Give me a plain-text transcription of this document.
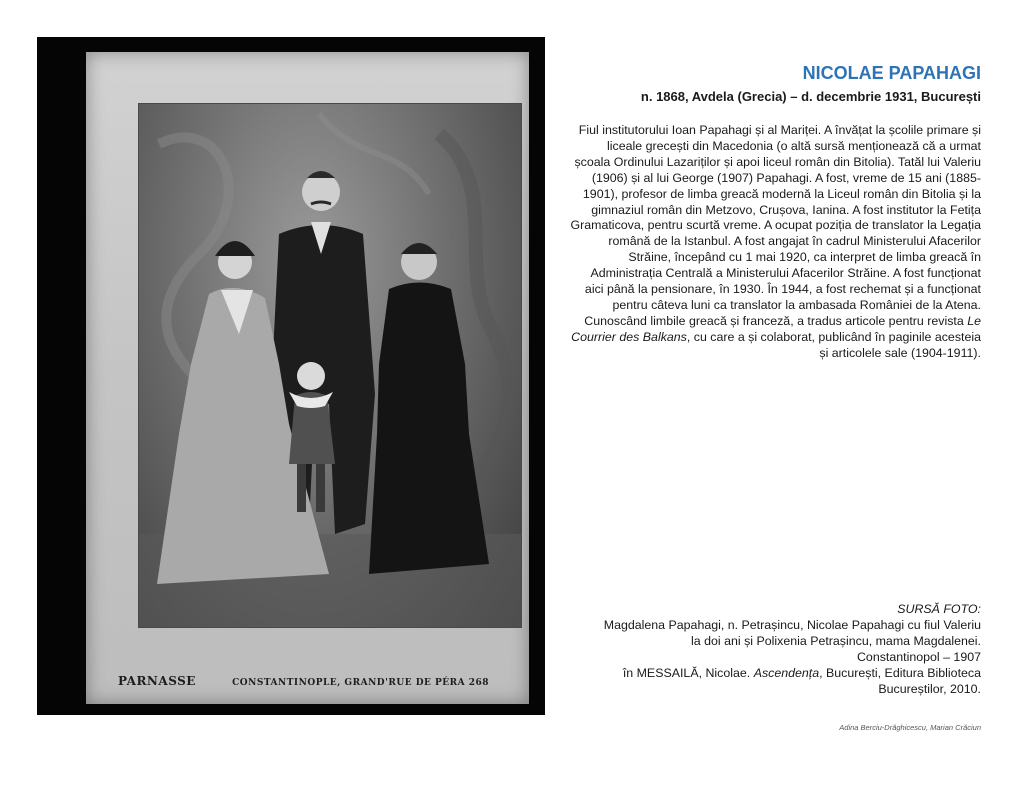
PARNASSE	CONSTANTINOPLE, GRAND'RUE DE PÉRA 268
NICOLAE PAPAHAGI
n. 1868, Avdela (Grecia) – d. decembrie 1931, București

Fiul institutorului Ioan Papahagi și al Mariței. A învățat la școlile primare și liceale grecești din Macedonia (o altă sursă menționează că a urmat școala Ordinului Lazariților și apoi liceul român din Bitolia). Tatăl lui Valeriu (1906) și al lui George (1907) Papahagi. A fost, vreme de 15 ani (1885-1901), profesor de limba greacă modernă la Liceul român din Bitolia și la gimnaziul român din Metzovo, Crușova, Ianina. A fost institutor la Fetița Gramaticova, pentru scurtă vreme. A ocupat poziția de translator la Legația română de la Istanbul. A fost angajat în cadrul Ministerului Afacerilor Străine, începând cu 1 mai 1920, ca interpret de limba greacă în Administrația Centrală a Ministerului Afacerilor Străine. A fost funcționat aici până la pensionare, în 1930. În 1944, a fost rechemat și a funcționat pentru câteva luni ca translator la ambasada României de la Atena.

Cunoscând limbile greacă și franceză, a tradus articole pentru revista Le Courrier des Balkans, cu care a și colaborat, publicând în paginile acesteia și articolele sale (1904-1911).

SURSĂ FOTO:
Magdalena Papahagi, n. Petrașincu, Nicolae Papahagi cu fiul Valeriu
la doi ani și Polixenia Petrașincu, mama Magdalenei.
Constantinopol – 1907
în MESSAILĂ, Nicolae. Ascendența, București, Editura Biblioteca
Bucureștilor, 2010.
Adina Berciu-Drăghicescu, Marian Crăciun
